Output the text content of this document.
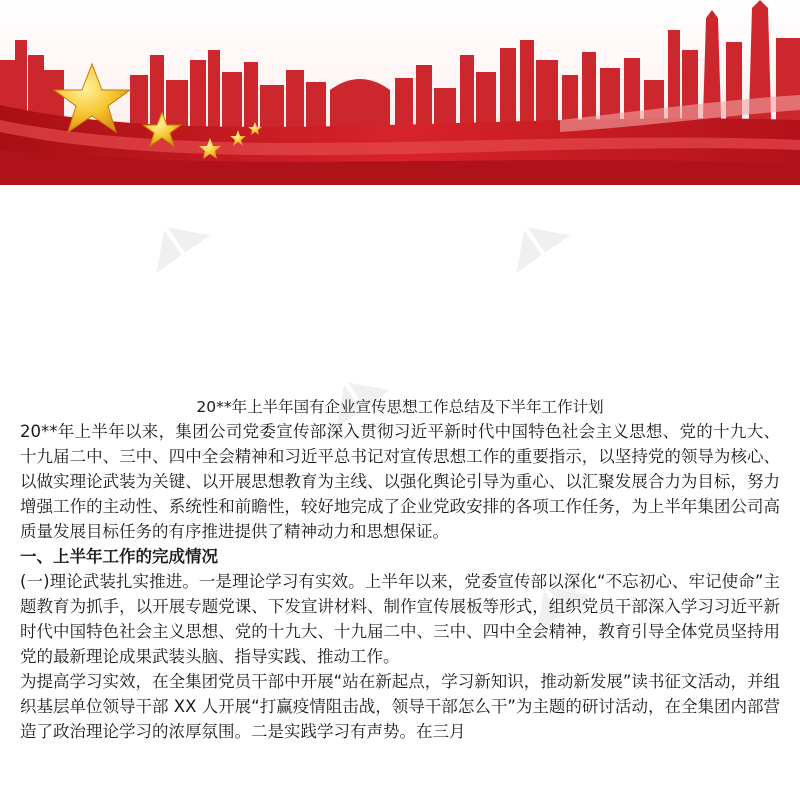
◢◣	◢◣
◢◣
◢◣

20**年上半年国有企业宣传思想工作总结及下半年工作计划

20**年上半年以来，集团公司党委宣传部深入贯彻习近平新时代中国特色社会主义思想、党的十九大、十九届二中、三中、四中全会精神和习近平总书记对宣传思想工作的重要指示，以坚持党的领导为核心、以做实理论武装为关键、以开展思想教育为主线、以强化舆论引导为重心、以汇聚发展合力为目标，努力增强工作的主动性、系统性和前瞻性，较好地完成了企业党政安排的各项工作任务，为上半年集团公司高质量发展目标任务的有序推进提供了精神动力和思想保证。

一、上半年工作的完成情况

(一)理论武装扎实推进。一是理论学习有实效。上半年以来，党委宣传部以深化“不忘初心、牢记使命”主题教育为抓手，以开展专题党课、下发宣讲材料、制作宣传展板等形式，组织党员干部深入学习习近平新时代中国特色社会主义思想、党的十九大、十九届二中、三中、四中全会精神，教育引导全体党员坚持用党的最新理论成果武装头脑、指导实践、推动工作。

为提高学习实效，在全集团党员干部中开展“站在新起点，学习新知识，推动新发展”读书征文活动，并组织基层单位领导干部 XX 人开展“打赢疫情阻击战，领导干部怎么干”为主题的研讨活动，在全集团内部营造了政治理论学习的浓厚氛围。二是实践学习有声势。在三月
